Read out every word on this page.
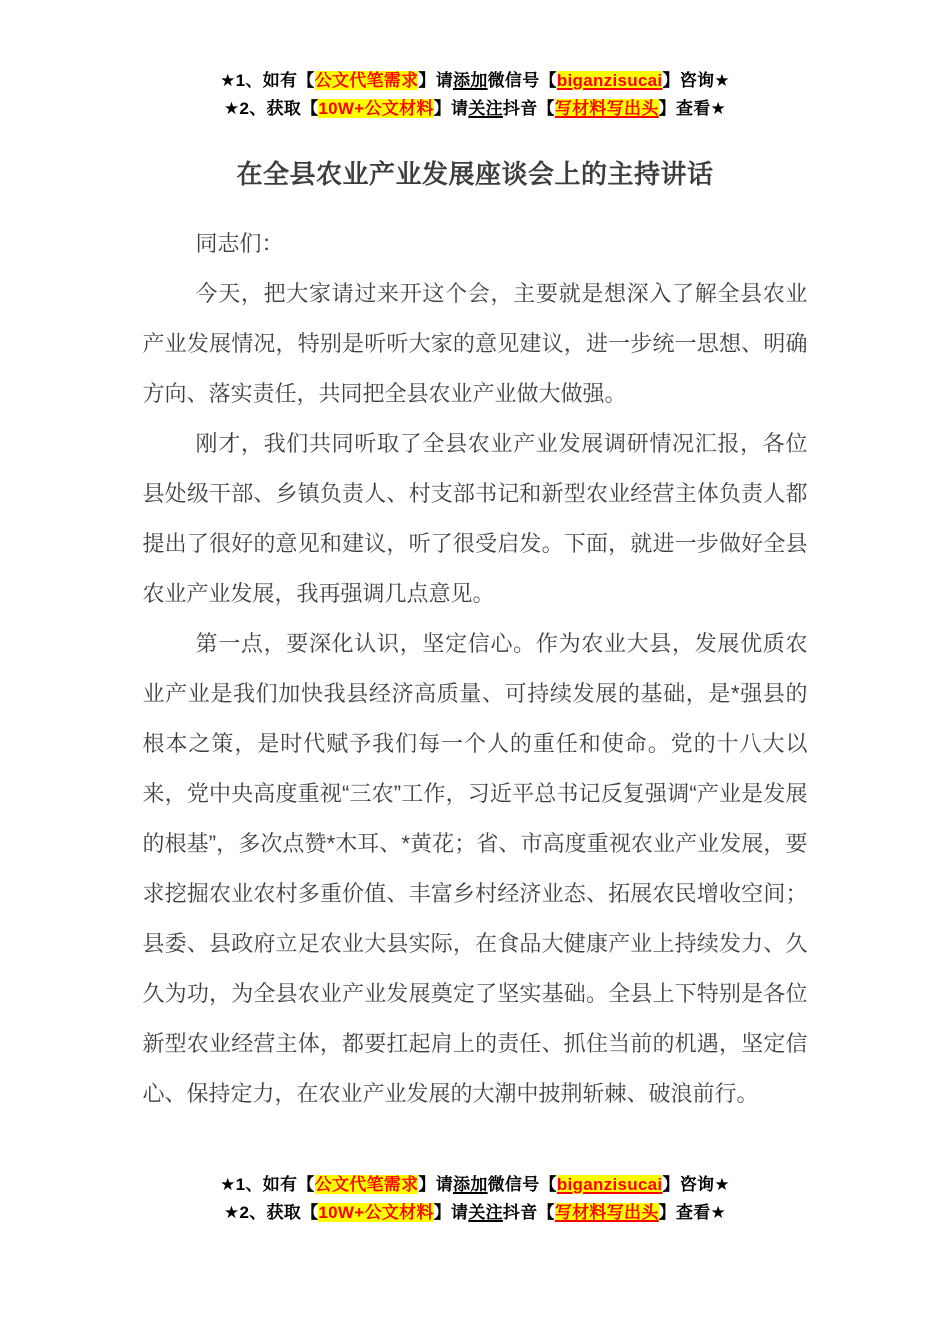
★1、如有【公文代笔需求】请添加微信号【biganzisucai】咨询★
★2、获取【10W+公文材料】请关注抖音【写材料写出头】查看★
在全县农业产业发展座谈会上的主持讲话

同志们：

今天，把大家请过来开这个会，主要就是想深入了解全县农业产业发展情况，特别是听听大家的意见建议，进一步统一思想、明确方向、落实责任，共同把全县农业产业做大做强。

刚才，我们共同听取了全县农业产业发展调研情况汇报，各位县处级干部、乡镇负责人、村支部书记和新型农业经营主体负责人都提出了很好的意见和建议，听了很受启发。下面，就进一步做好全县农业产业发展，我再强调几点意见。

第一点，要深化认识，坚定信心。作为农业大县，发展优质农业产业是我们加快我县经济高质量、可持续发展的基础，是*强县的根本之策，是时代赋予我们每一个人的重任和使命。党的十八大以来，党中央高度重视“三农”工作，习近平总书记反复强调“产业是发展的根基”，多次点赞*木耳、*黄花；省、市高度重视农业产业发展，要求挖掘农业农村多重价值、丰富乡村经济业态、拓展农民增收空间；县委、县政府立足农业大县实际，在食品大健康产业上持续发力、久久为功，为全县农业产业发展奠定了坚实基础。全县上下特别是各位新型农业经营主体，都要扛起肩上的责任、抓住当前的机遇，坚定信心、保持定力，在农业产业发展的大潮中披荆斩棘、破浪前行。

★1、如有【公文代笔需求】请添加微信号【biganzisucai】咨询★
★2、获取【10W+公文材料】请关注抖音【写材料写出头】查看★
